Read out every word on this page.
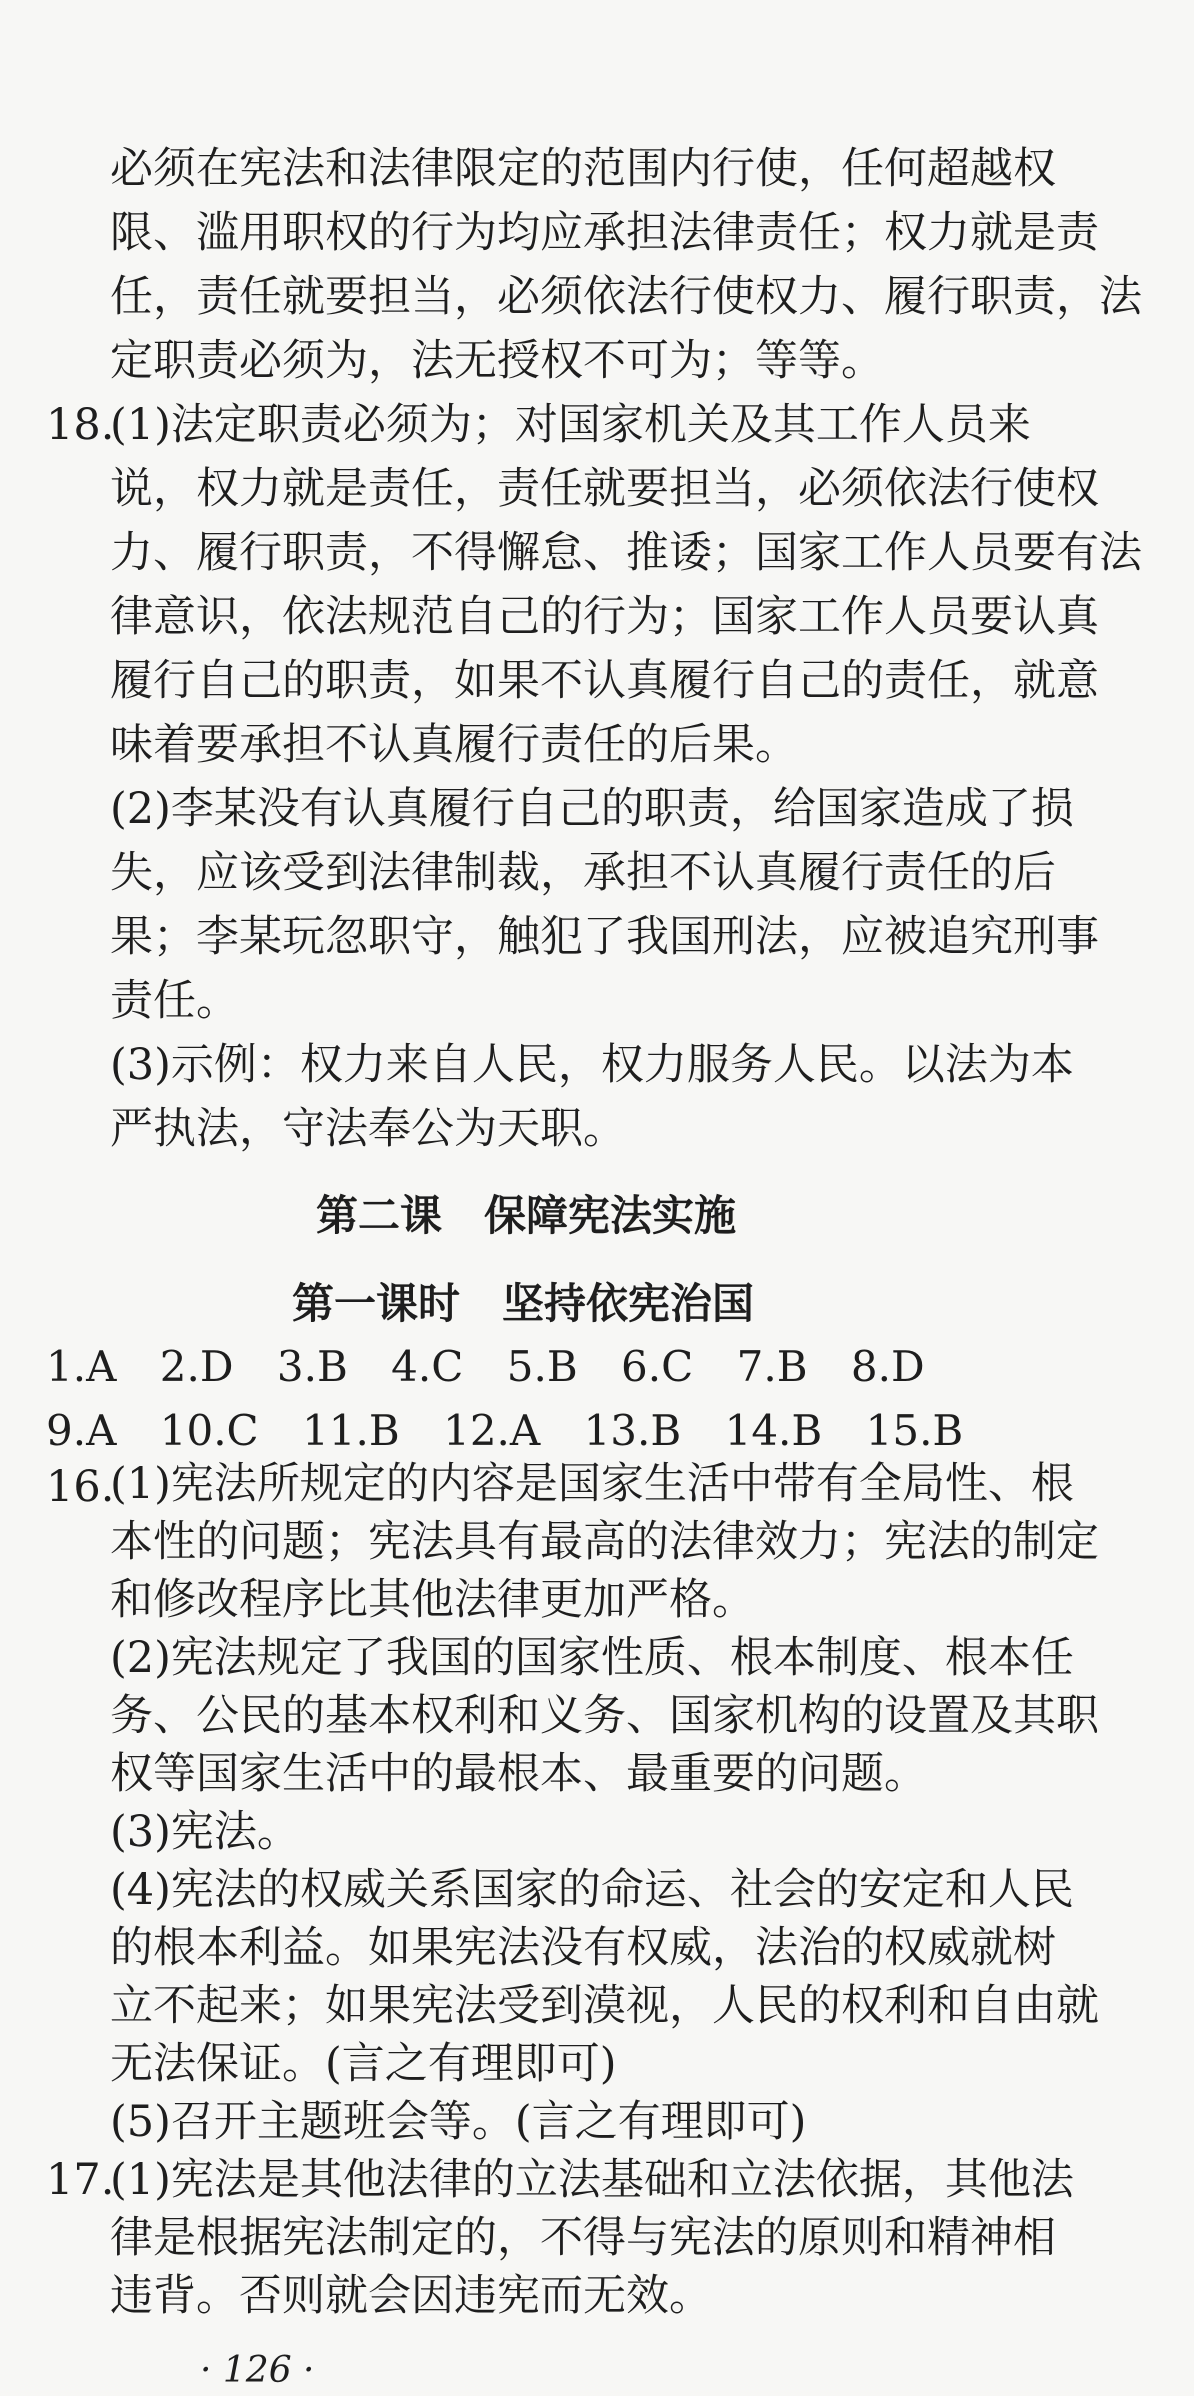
必须在宪法和法律限定的范围内行使，任何超越权
限、滥用职权的行为均应承担法律责任；权力就是责
任，责任就要担当，必须依法行使权力、履行职责，法
定职责必须为，法无授权不可为；等等。
18.
(1)法定职责必须为；对国家机关及其工作人员来
说，权力就是责任，责任就要担当，必须依法行使权
力、履行职责，不得懈怠、推诿；国家工作人员要有法
律意识，依法规范自己的行为；国家工作人员要认真
履行自己的职责，如果不认真履行自己的责任，就意
味着要承担不认真履行责任的后果。
(2)李某没有认真履行自己的职责，给国家造成了损
失，应该受到法律制裁，承担不认真履行责任的后
果；李某玩忽职守，触犯了我国刑法，应被追究刑事
责任。
(3)示例：权力来自人民，权力服务人民。以法为本
严执法，守法奉公为天职。
第二课　保障宪法实施
第一课时　坚持依宪治国
1.A 2.D 3.B 4.C 5.B 6.C 7.B 8.D
9.A 10.C 11.B 12.A 13.B 14.B 15.B
16.
(1)宪法所规定的内容是国家生活中带有全局性、根
本性的问题；宪法具有最高的法律效力；宪法的制定
和修改程序比其他法律更加严格。
(2)宪法规定了我国的国家性质、根本制度、根本任
务、公民的基本权利和义务、国家机构的设置及其职
权等国家生活中的最根本、最重要的问题。
(3)宪法。
(4)宪法的权威关系国家的命运、社会的安定和人民
的根本利益。如果宪法没有权威，法治的权威就树
立不起来；如果宪法受到漠视，人民的权利和自由就
无法保证。(言之有理即可)
(5)召开主题班会等。(言之有理即可)
17.
· 126 ·
(1)宪法是其他法律的立法基础和立法依据，其他法
律是根据宪法制定的，不得与宪法的原则和精神相
违背。否则就会因违宪而无效。
